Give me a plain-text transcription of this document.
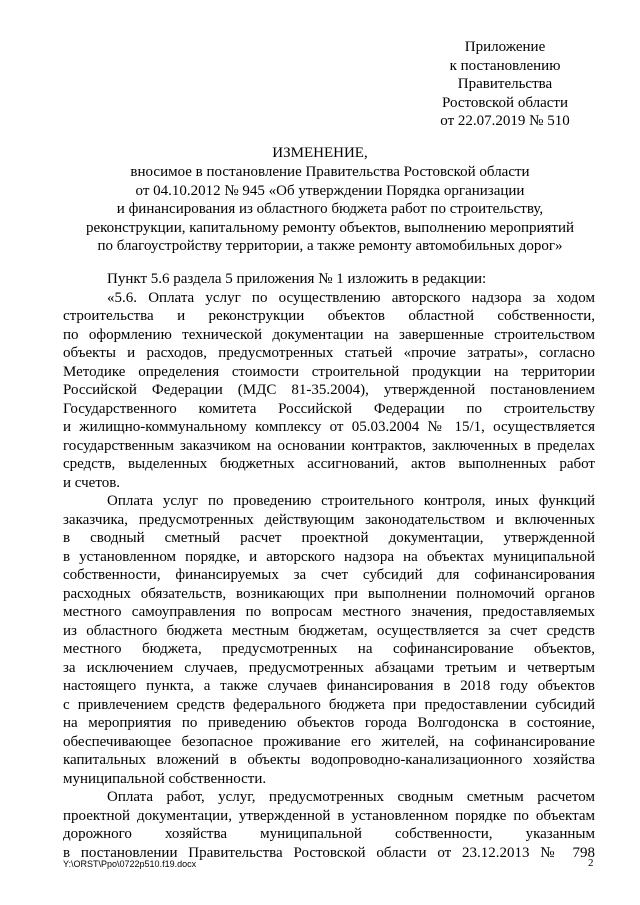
Приложение
к постановлению
Правительства
Ростовской области
от 22.07.2019 № 510
ИЗМЕНЕНИЕ,
вносимое в постановление Правительства Ростовской области
от 04.10.2012 № 945 «Об утверждении Порядка организации
и финансирования из областного бюджета работ по строительству,
реконструкции, капитальному ремонту объектов, выполнению мероприятий
по благоустройству территории, а также ремонту автомобильных дорог»
Пункт 5.6 раздела 5 приложения № 1 изложить в редакции:
«5.6. Оплата услуг по осуществлению авторского надзора за ходом
строительства и реконструкции объектов областной собственности,
по оформлению технической документации на завершенные строительством
объекты и расходов, предусмотренных статьей «прочие затраты», согласно
Методике определения стоимости строительной продукции на территории
Российской Федерации (МДС 81-35.2004), утвержденной постановлением
Государственного комитета Российской Федерации по строительству
и жилищно-коммунальному комплексу от 05.03.2004 № 15/1, осуществляется
государственным заказчиком на основании контрактов, заключенных в пределах
средств, выделенных бюджетных ассигнований, актов выполненных работ
и счетов.
Оплата услуг по проведению строительного контроля, иных функций
заказчика, предусмотренных действующим законодательством и включенных
в сводный сметный расчет проектной документации, утвержденной
в установленном порядке, и авторского надзора на объектах муниципальной
собственности, финансируемых за счет субсидий для софинансирования
расходных обязательств, возникающих при выполнении полномочий органов
местного самоуправления по вопросам местного значения, предоставляемых
из областного бюджета местным бюджетам, осуществляется за счет средств
местного бюджета, предусмотренных на софинансирование объектов,
за исключением случаев, предусмотренных абзацами третьим и четвертым
настоящего пункта, а также случаев финансирования в 2018 году объектов
с привлечением средств федерального бюджета при предоставлении субсидий
на мероприятия по приведению объектов города Волгодонска в состояние,
обеспечивающее безопасное проживание его жителей, на софинансирование
капитальных вложений в объекты водопроводно-канализационного хозяйства
муниципальной собственности.
Оплата работ, услуг, предусмотренных сводным сметным расчетом
проектной документации, утвержденной в установленном порядке по объектам
дорожного хозяйства муниципальной собственности, указанным
в постановлении Правительства Ростовской области от 23.12.2013 № 798
Y:\ORST\Ppo\0722p510.f19.docx	2
